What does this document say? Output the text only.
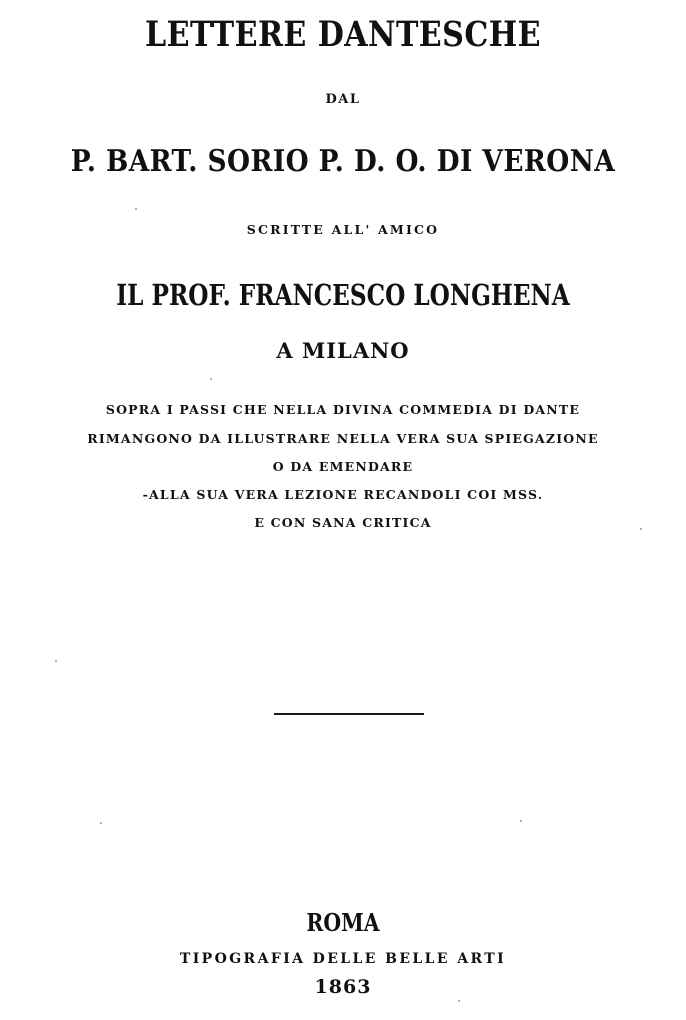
LETTERE DANTESCHE
DAL
P. BART. SORIO P. D. O. DI VERONA
SCRITTE ALL' AMICO
IL PROF. FRANCESCO LONGHENA
A MILANO
SOPRA I PASSI CHE NELLA DIVINA COMMEDIA DI DANTE
RIMANGONO DA ILLUSTRARE NELLA VERA SUA SPIEGAZIONE
O DA EMENDARE
-ALLA SUA VERA LEZIONE RECANDOLI COI MSS.
E CON SANA CRITICA
ROMA
TIPOGRAFIA DELLE BELLE ARTI
1863
